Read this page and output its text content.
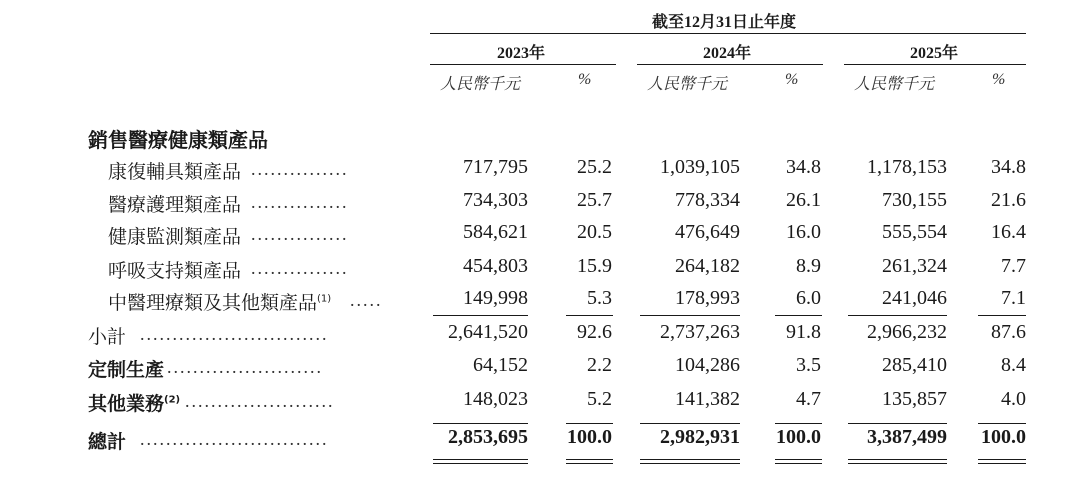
截至12月31日止年度
2023年	2024年	2025年
人民幣千元	%	人民幣千元	%	人民幣千元	%
銷售醫療健康類產品
康復輔具類產品 ...............	717,795 25.2 1,039,105 34.8 1,178,153 34.8
醫療護理類產品 ...............	734,303 25.7	778,334 26.1	730,155 21.6
健康監測類產品 ...............	584,621 20.5	476,649 16.0	555,554 16.4
呼吸支持類產品 ...............	454,803 15.9	264,182	8.9	261,324	7.7
中醫理療類及其他類產品$^{(1)}$ .....	149,998	5.3	178,993	6.0	241,046	7.1
小計 .............................	2,641,520 92.6 2,737,263 91.8 2,966,232 87.6
定制生產 ........................	64,152	2.2	104,286	3.5	285,410	8.4
其他業務$^{(2)}$ .......................	148,023	5.2	141,382	4.7	135,857	4.0
總計 .............................	2,853,695 100.0 2,982,931 100.0 3,387,499 100.0
